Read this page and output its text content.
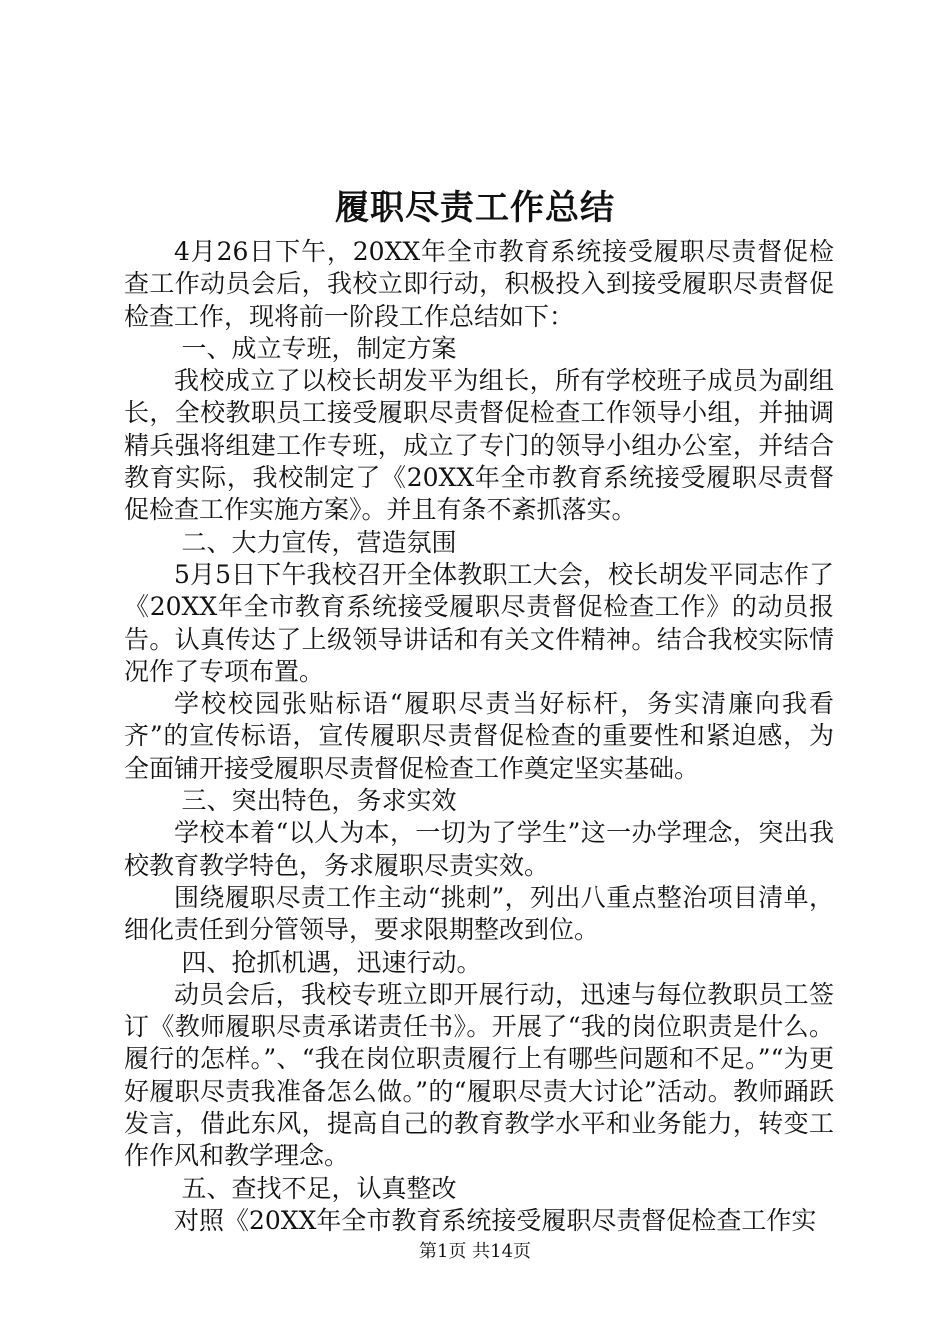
履职尽责工作总结

4月26日下午，20XX年全市教育系统接受履职尽责督促检查工作动员会后，我校立即行动，积极投入到接受履职尽责督促检查工作，现将前一阶段工作总结如下：

一、成立专班，制定方案

我校成立了以校长胡发平为组长，所有学校班子成员为副组长，全校教职员工接受履职尽责督促检查工作领导小组，并抽调精兵强将组建工作专班，成立了专门的领导小组办公室，并结合教育实际，我校制定了《20XX年全市教育系统接受履职尽责督促检查工作实施方案》。并且有条不紊抓落实。

二、大力宣传，营造氛围

5月5日下午我校召开全体教职工大会，校长胡发平同志作了《20XX年全市教育系统接受履职尽责督促检查工作》的动员报告。认真传达了上级领导讲话和有关文件精神。结合我校实际情况作了专项布置。

学校校园张贴标语“履职尽责当好标杆，务实清廉向我看齐”的宣传标语，宣传履职尽责督促检查的重要性和紧迫感，为全面铺开接受履职尽责督促检查工作奠定坚实基础。

三、突出特色，务求实效

学校本着“以人为本，一切为了学生”这一办学理念，突出我校教育教学特色，务求履职尽责实效。

围绕履职尽责工作主动“挑刺”，列出八重点整治项目清单，细化责任到分管领导，要求限期整改到位。

四、抢抓机遇，迅速行动。

动员会后，我校专班立即开展行动，迅速与每位教职员工签订《教师履职尽责承诺责任书》。开展了“我的岗位职责是什么。履行的怎样。”、“我在岗位职责履行上有哪些问题和不足。”“为更好履职尽责我准备怎么做。”的“履职尽责大讨论”活动。教师踊跃发言，借此东风，提高自己的教育教学水平和业务能力，转变工作作风和教学理念。

五、查找不足，认真整改

对照《20XX年全市教育系统接受履职尽责督促检查工作实

第1页 共14页
